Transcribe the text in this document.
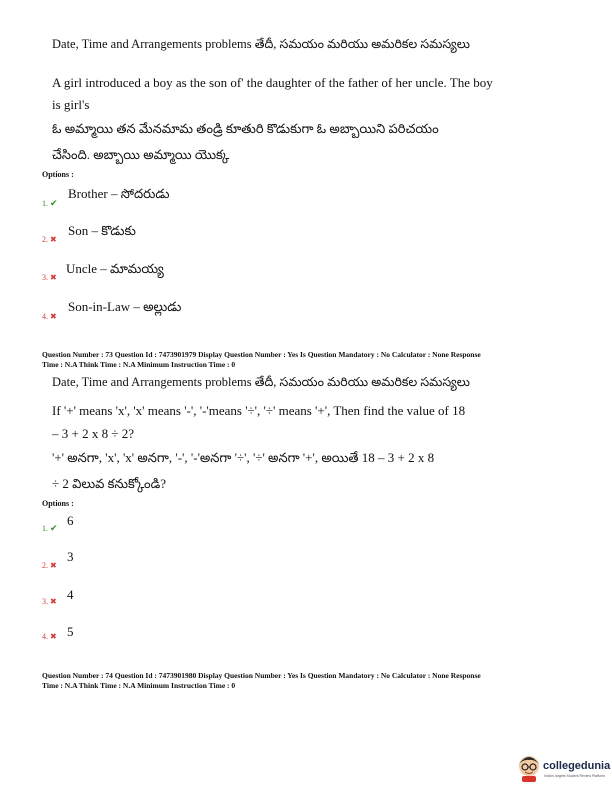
Date, Time and Arrangements problems తేదీ, సమయం మరియు అమరికల సమస్యలు
A girl introduced a boy as the son of' the daughter of the father of her uncle. The boy
is girl's
ఓ అమ్మాయి తన మేనమామ తండ్రి కూతురి కొడుకుగా ఓ అబ్బాయిని పరిచయం
చేసింది. అబ్బాయి అమ్మాయి యొక్క
Options :
1. ✔
Brother – సోదరుడు
2. ✖
Son – కొడుకు
3. ✖
Uncle – మామయ్య
4. ✖
Son-in-Law – అల్లుడు
Question Number : 73 Question Id : 7473901979 Display Question Number : Yes Is Question Mandatory : No Calculator : None Response
Time : N.A Think Time : N.A Minimum Instruction Time : 0
Date, Time and Arrangements problems తేదీ, సమయం మరియు అమరికల సమస్యలు
If '+' means 'x', 'x' means '-', '-'means '÷', '÷' means '+', Then find the value of 18
– 3 + 2 x 8 ÷ 2?
'+' అనగా, 'x', 'x' అనగా, '-', '-'అనగా '÷', '÷' అనగా '+', అయితే 18 – 3 + 2 x 8
÷ 2 విలువ కనుక్కోండి?
Options :
1. ✔ 6
2. ✖
3
3. ✖ 4
4. ✖ 5
Question Number : 74 Question Id : 7473901980 Display Question Number : Yes Is Question Mandatory : No Calculator : None Response
Time : N.A Think Time : N.A Minimum Instruction Time : 0
collegedunia
India's largest Student Review Platform
